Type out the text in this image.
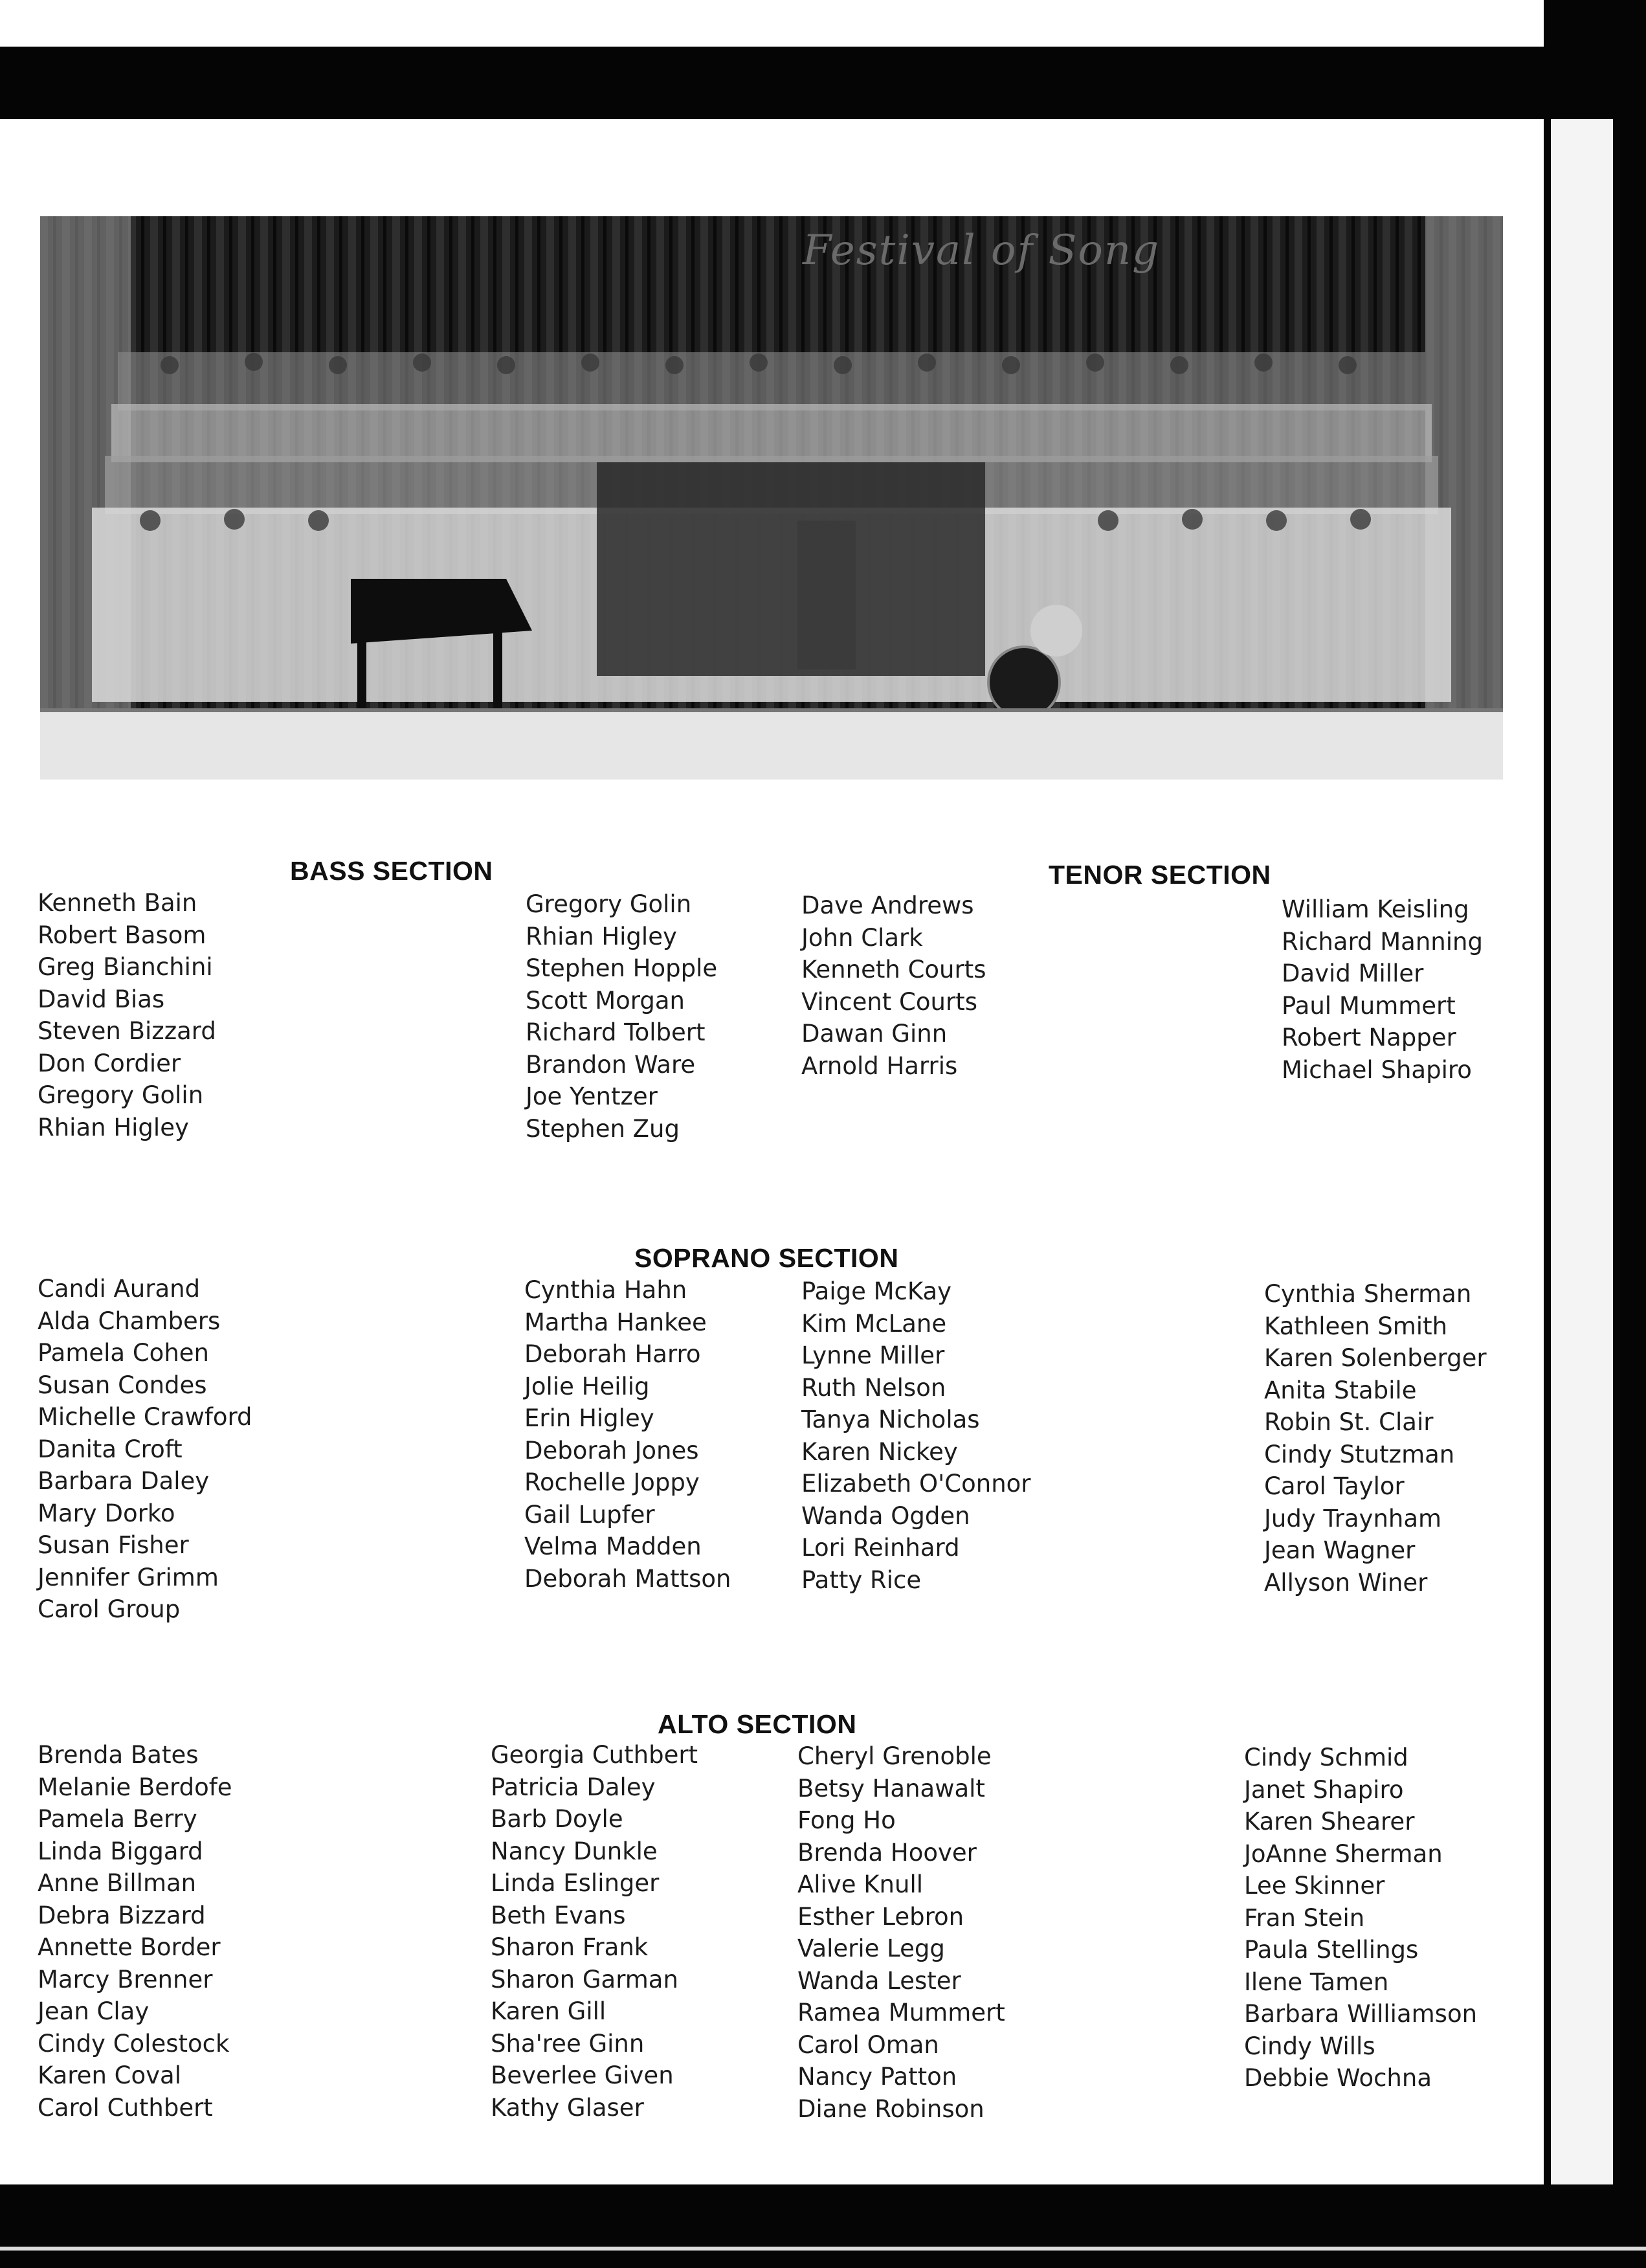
Festival of Song
BASS SECTION
Kenneth Bain
Robert Basom
Greg Bianchini
David Bias
Steven Bizzard
Don Cordier
Gregory Golin
Rhian Higley
Gregory Golin
Rhian Higley
Stephen Hopple
Scott Morgan
Richard Tolbert
Brandon Ware
Joe Yentzer
Stephen Zug
TENOR SECTION
Dave Andrews
John Clark
Kenneth Courts
Vincent Courts
Dawan Ginn
Arnold Harris
William Keisling
Richard Manning
David Miller
Paul Mummert
Robert Napper
Michael Shapiro
SOPRANO SECTION
Candi Aurand
Alda Chambers
Pamela Cohen
Susan Condes
Michelle Crawford
Danita Croft
Barbara Daley
Mary Dorko
Susan Fisher
Jennifer Grimm
Carol Group
Cynthia Hahn
Martha Hankee
Deborah Harro
Jolie Heilig
Erin Higley
Deborah Jones
Rochelle Joppy
Gail Lupfer
Velma Madden
Deborah Mattson
Paige McKay
Kim McLane
Lynne Miller
Ruth Nelson
Tanya Nicholas
Karen Nickey
Elizabeth O'Connor
Wanda Ogden
Lori Reinhard
Patty Rice
Cynthia Sherman
Kathleen Smith
Karen Solenberger
Anita Stabile
Robin St. Clair
Cindy Stutzman
Carol Taylor
Judy Traynham
Jean Wagner
Allyson Winer
ALTO SECTION
Brenda Bates
Melanie Berdofe
Pamela Berry
Linda Biggard
Anne Billman
Debra Bizzard
Annette Border
Marcy Brenner
Jean Clay
Cindy Colestock
Karen Coval
Carol Cuthbert
Georgia Cuthbert
Patricia Daley
Barb Doyle
Nancy Dunkle
Linda Eslinger
Beth Evans
Sharon Frank
Sharon Garman
Karen Gill
Sha'ree Ginn
Beverlee Given
Kathy Glaser
Cheryl Grenoble
Betsy Hanawalt
Fong Ho
Brenda Hoover
Alive Knull
Esther Lebron
Valerie Legg
Wanda Lester
Ramea Mummert
Carol Oman
Nancy Patton
Diane Robinson
Cindy Schmid
Janet Shapiro
Karen Shearer
JoAnne Sherman
Lee Skinner
Fran Stein
Paula Stellings
Ilene Tamen
Barbara Williamson
Cindy Wills
Debbie Wochna
